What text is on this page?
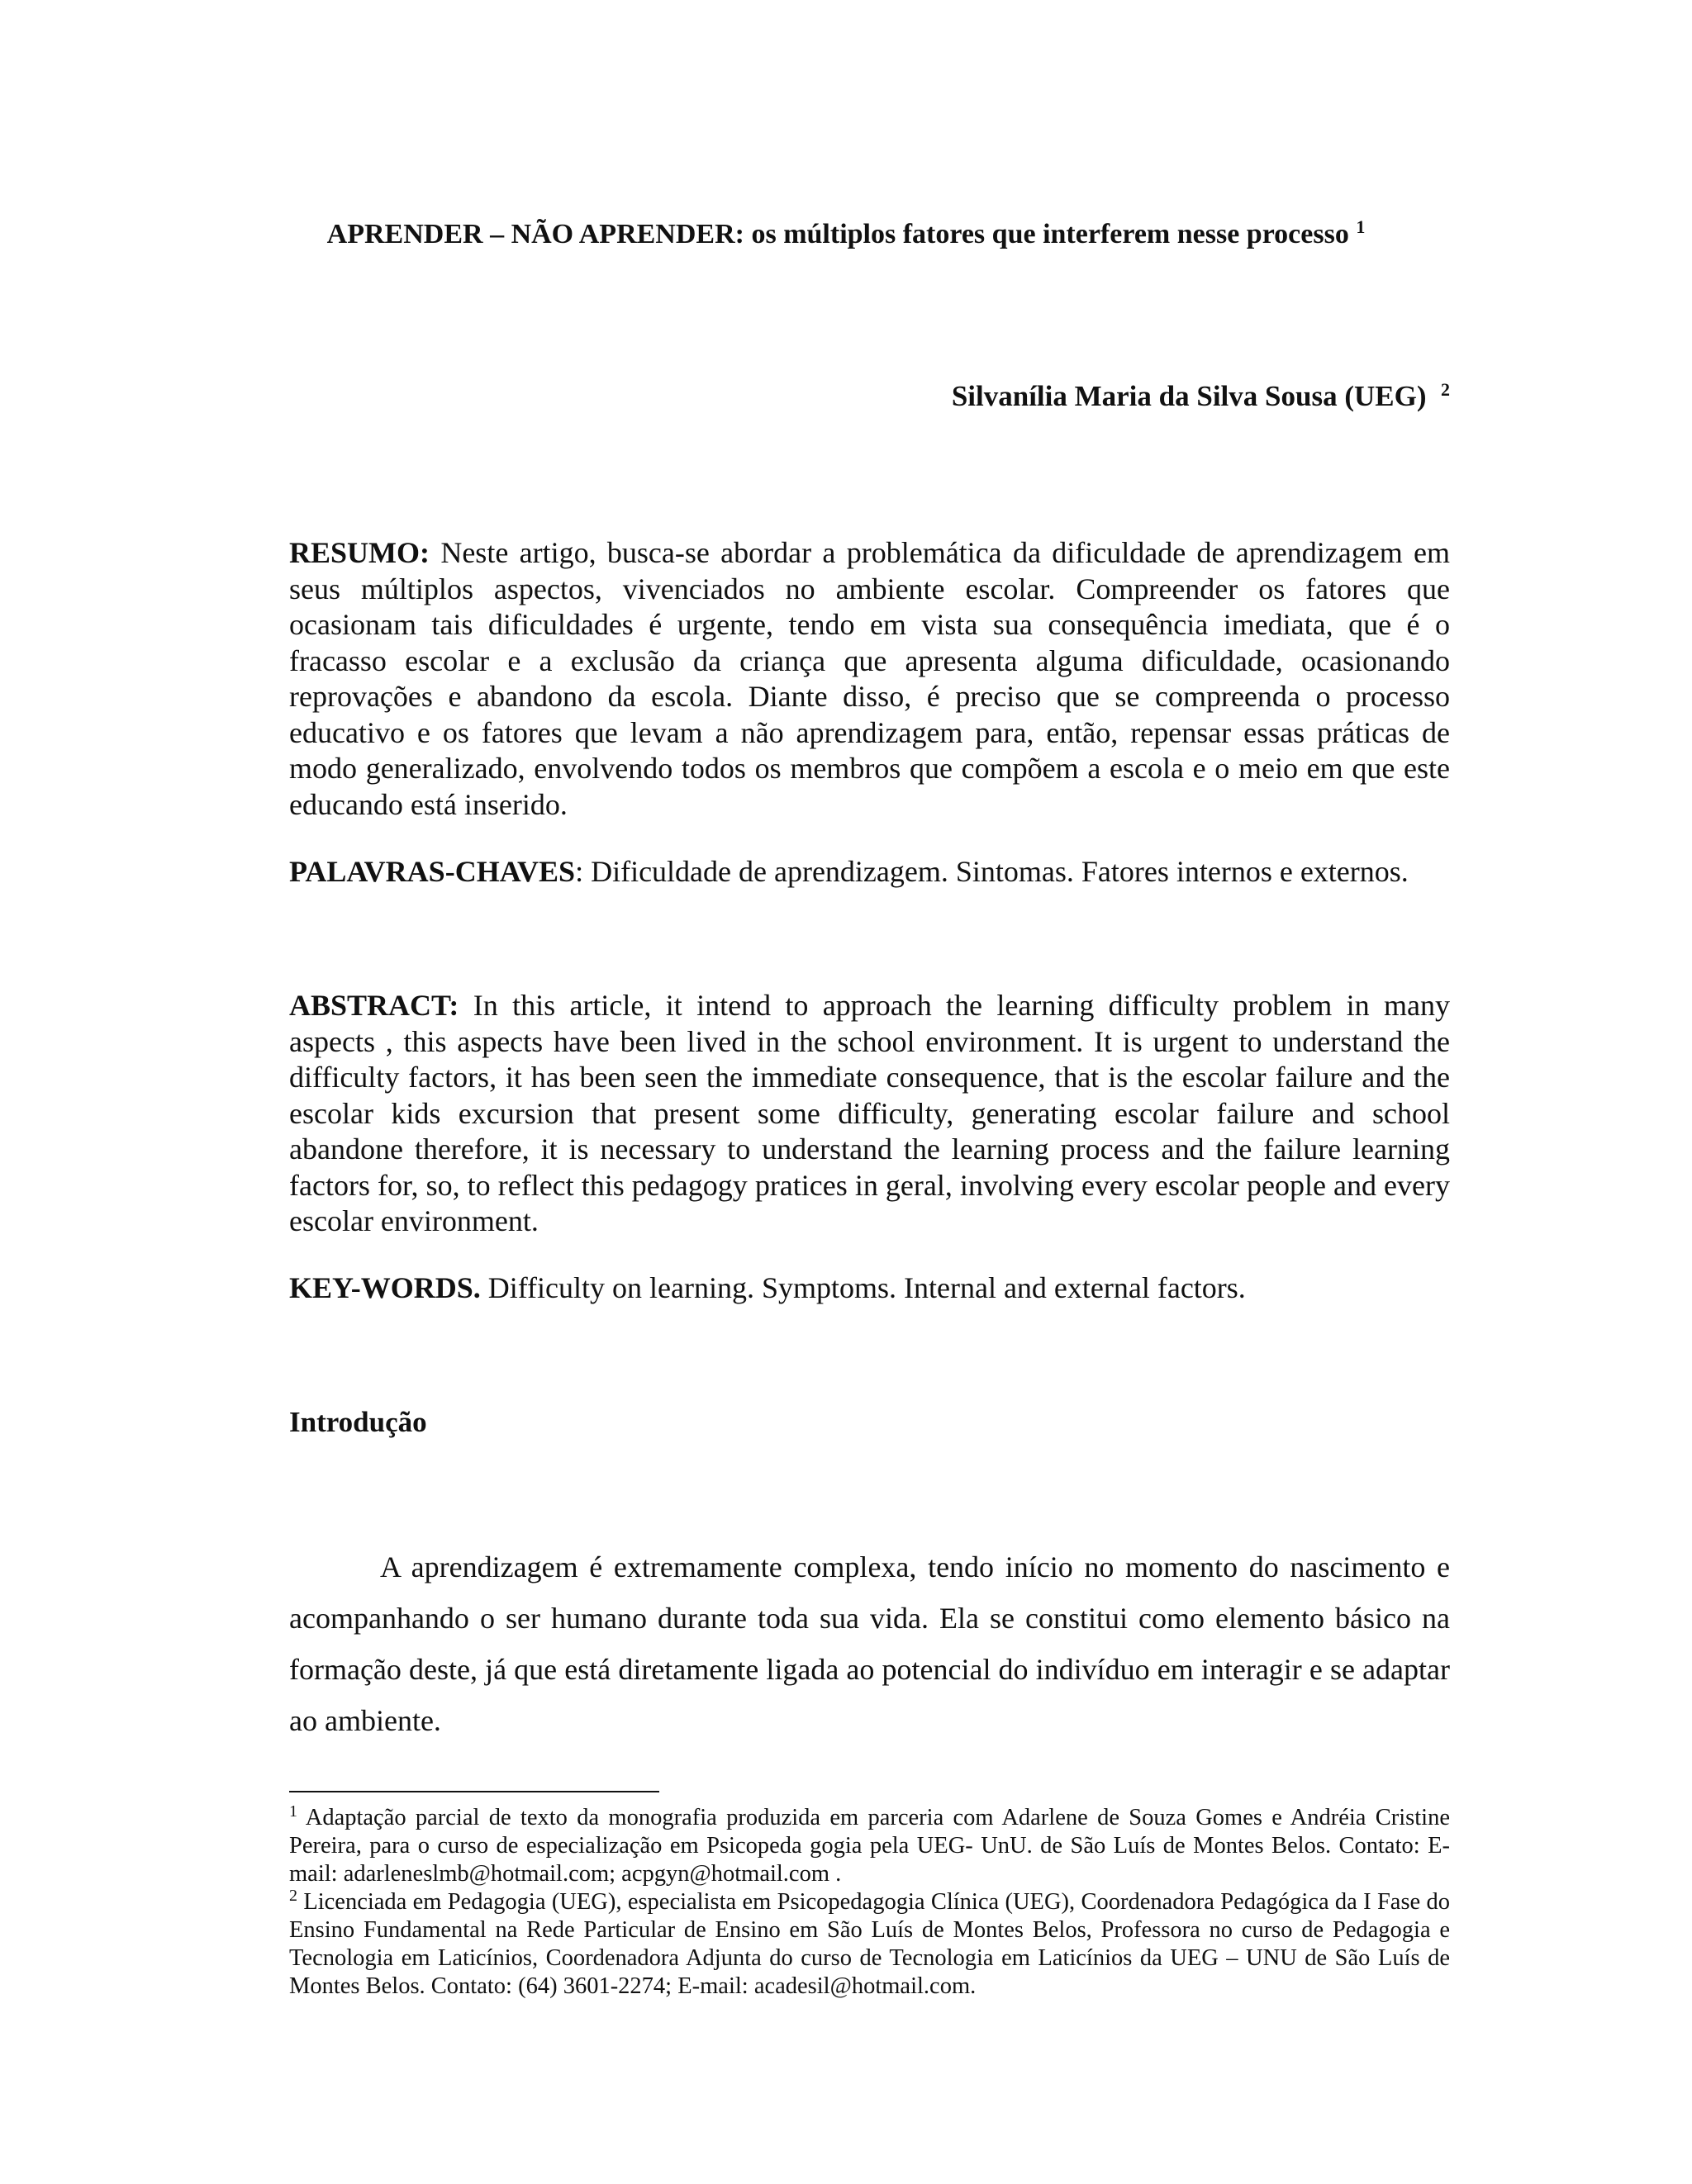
APRENDER – NÃO APRENDER: os múltiplos fatores que interferem nesse processo $^1$
Silvanília Maria da Silva Sousa (UEG) $^2$
RESUMO: Neste artigo, busca-se abordar a problemática da dificuldade de aprendizagem em seus múltiplos aspectos, vivenciados no ambiente escolar. Compreender os fatores que ocasionam tais dificuldades é urgente, tendo em vista sua consequência imediata, que é o fracasso escolar e a exclusão da criança que apresenta alguma dificuldade, ocasionando reprovações e abandono da escola. Diante disso, é preciso que se compreenda o processo educativo e os fatores que levam a não aprendizagem para, então, repensar essas práticas de modo generalizado, envolvendo todos os membros que compõem a escola e o meio em que este educando está inserido.
PALAVRAS-CHAVES: Dificuldade de aprendizagem. Sintomas. Fatores internos e externos.
ABSTRACT: In this article, it intend to approach the learning difficulty problem in many aspects , this aspects have been lived in the school environment. It is urgent to understand the difficulty factors, it has been seen the immediate consequence, that is the escolar failure and the escolar kids excursion that present some difficulty, generating escolar failure and school abandone therefore, it is necessary to understand the learning process and the failure learning factors for, so, to reflect this pedagogy pratices in geral, involving every escolar people and every escolar environment.
KEY-WORDS. Difficulty on learning. Symptoms. Internal and external factors.
Introdução
A aprendizagem é extremamente complexa, tendo início no momento do nascimento e acompanhando o ser humano durante toda sua vida. Ela se constitui como elemento básico na formação deste, já que está diretamente ligada ao potencial do indivíduo em interagir e se adaptar ao ambiente.

$^1$ Adaptação parcial de texto da monografia produzida em parceria com Adarlene de Souza Gomes e Andréia Cristine Pereira, para o curso de especialização em Psicopeda gogia pela UEG- UnU. de São Luís de Montes Belos. Contato: E-mail: adarleneslmb@hotmail.com; acpgyn@hotmail.com .

$^2$ Licenciada em Pedagogia (UEG), especialista em Psicopedagogia Clínica (UEG), Coordenadora Pedagógica da I Fase do Ensino Fundamental na Rede Particular de Ensino em São Luís de Montes Belos, Professora no curso de Pedagogia e Tecnologia em Laticínios, Coordenadora Adjunta do curso de Tecnologia em Laticínios da UEG – UNU de São Luís de Montes Belos. Contato: (64) 3601-2274; E-mail: acadesil@hotmail.com.
